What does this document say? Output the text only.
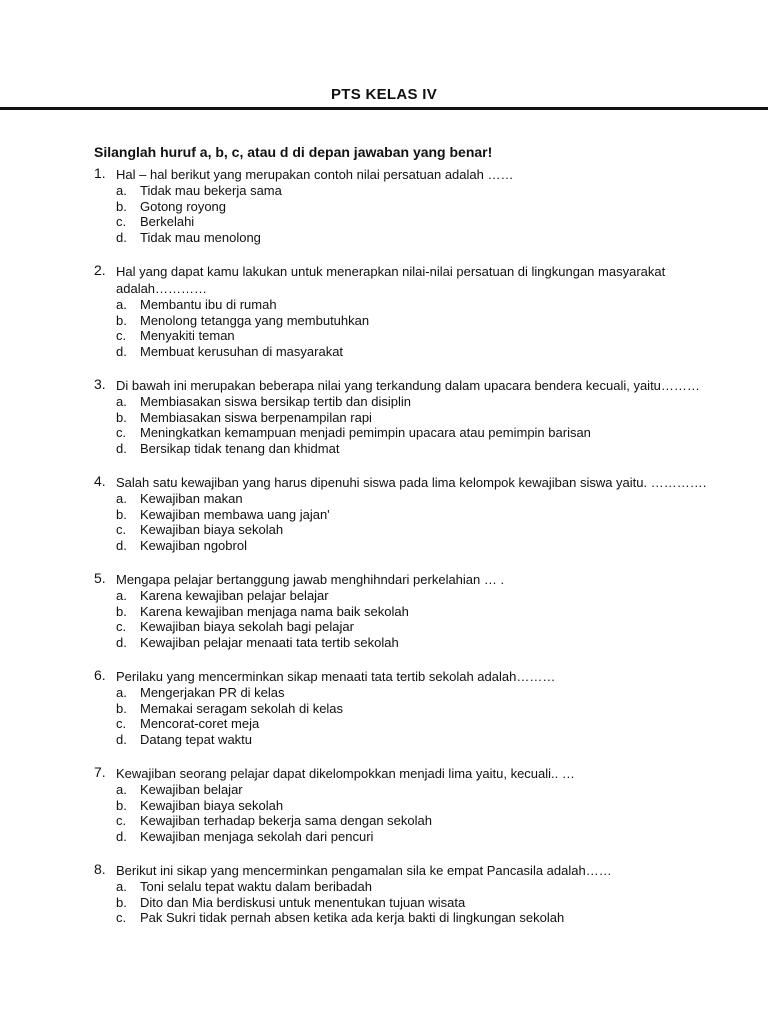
PTS KELAS IV
Silanglah huruf a, b, c, atau d di depan jawaban yang benar!
1. Hal – hal berikut yang merupakan contoh nilai persatuan adalah ……
a.	Tidak mau bekerja sama
b.	Gotong royong
c.	Berkelahi
d.	Tidak mau menolong
2. Hal yang dapat kamu lakukan untuk menerapkan nilai-nilai persatuan di lingkungan masyarakat adalah…………
a.	Membantu ibu di rumah
b.	Menolong tetangga yang membutuhkan
c.	Menyakiti teman
d.	Membuat kerusuhan di masyarakat
3. Di bawah ini merupakan beberapa nilai yang terkandung dalam upacara bendera kecuali, yaitu………
a.	Membiasakan siswa bersikap tertib dan disiplin
b.	Membiasakan siswa berpenampilan rapi
c.	Meningkatkan kemampuan menjadi pemimpin upacara atau pemimpin barisan
d.	Bersikap tidak tenang dan khidmat
4. Salah satu kewajiban yang harus dipenuhi siswa pada lima kelompok kewajiban siswa yaitu. ………….
a.	Kewajiban makan
b.	Kewajiban membawa uang jajan'
c.	Kewajiban biaya sekolah
d.	Kewajiban ngobrol
5. Mengapa pelajar bertanggung jawab menghihndari perkelahian … .
a.	Karena kewajiban pelajar belajar
b.	Karena kewajiban menjaga nama baik sekolah
c.	Kewajiban biaya sekolah bagi pelajar
d.	Kewajiban pelajar menaati tata tertib sekolah
6. Perilaku yang mencerminkan sikap menaati tata tertib sekolah adalah………
a.	Mengerjakan PR di kelas
b.	Memakai seragam sekolah di kelas
c.	Mencorat-coret meja
d.	Datang tepat waktu
7. Kewajiban seorang pelajar dapat dikelompokkan menjadi lima yaitu, kecuali.. …
a.	Kewajiban belajar
b.	Kewajiban biaya sekolah
c.	Kewajiban terhadap bekerja sama dengan sekolah
d.	Kewajiban menjaga sekolah dari pencuri
8. Berikut ini sikap yang mencerminkan pengamalan sila ke empat Pancasila adalah……
a.	Toni selalu tepat waktu dalam beribadah
b.	Dito dan Mia berdiskusi untuk menentukan tujuan wisata
c.	Pak Sukri tidak pernah absen ketika ada kerja bakti di lingkungan sekolah
